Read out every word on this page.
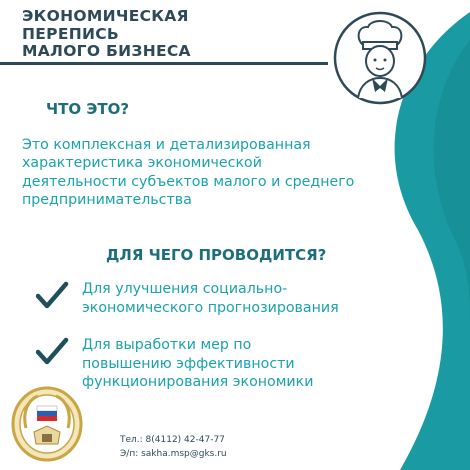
ЭКОНОМИЧЕСКАЯ
ПЕРЕПИСЬ
МАЛОГО БИЗНЕСА
ЧТО ЭТО?
Это комплексная и детализированная
характеристика экономической
деятельности субъектов малого и среднего
предпринимательства
ДЛЯ ЧЕГО ПРОВОДИТСЯ?
Для улучшения социально-
экономического прогнозирования
Для выработки мер по
повышению эффективности
функционирования экономики
Тел.: 8(4112) 42-47-77
Э/п: sakha.msp@gks.ru
